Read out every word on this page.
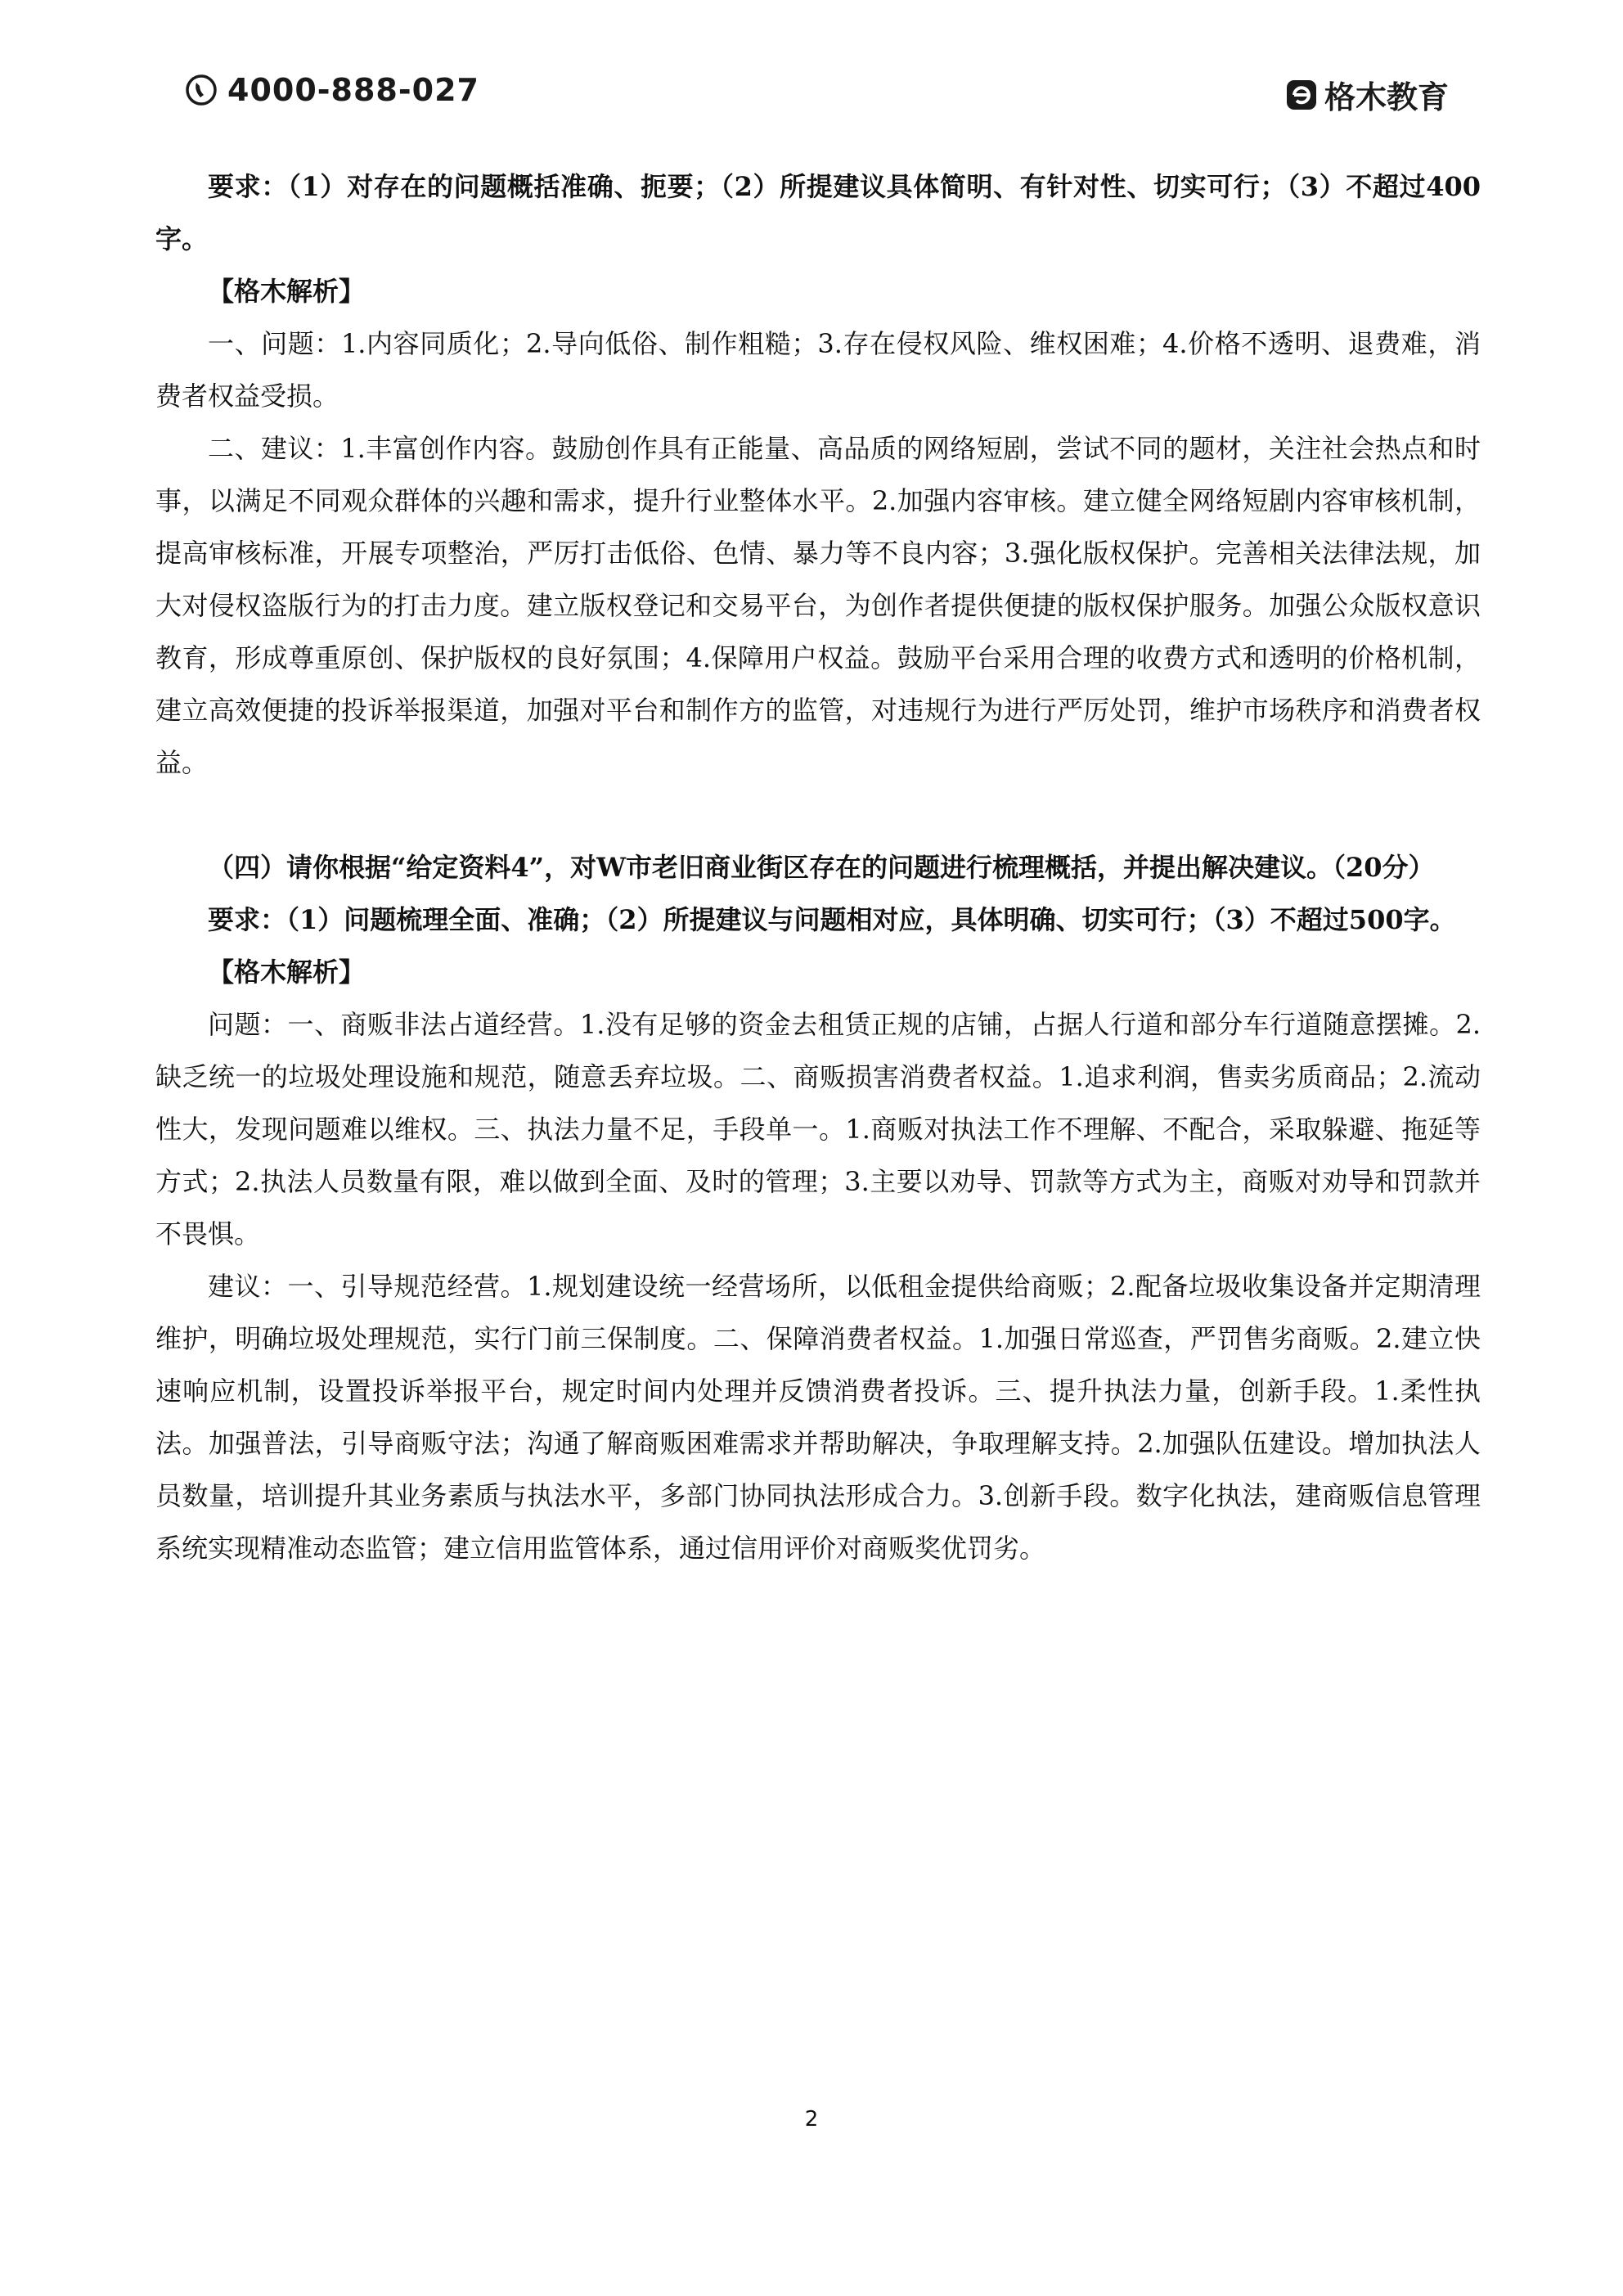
4000-888-027	格木教育

要求：（1）对存在的问题概括准确、扼要；（2）所提建议具体简明、有针对性、切实可行；（3）不超过400字。

【格木解析】

一、问题：1.内容同质化；2.导向低俗、制作粗糙；3.存在侵权风险、维权困难；4.价格不透明、退费难，消费者权益受损。

二、建议：1.丰富创作内容。鼓励创作具有正能量、高品质的网络短剧，尝试不同的题材，关注社会热点和时事，以满足不同观众群体的兴趣和需求，提升行业整体水平。2.加强内容审核。建立健全网络短剧内容审核机制，提高审核标准，开展专项整治，严厉打击低俗、色情、暴力等不良内容；3.强化版权保护。完善相关法律法规，加大对侵权盗版行为的打击力度。建立版权登记和交易平台，为创作者提供便捷的版权保护服务。加强公众版权意识教育，形成尊重原创、保护版权的良好氛围；4.保障用户权益。鼓励平台采用合理的收费方式和透明的价格机制，建立高效便捷的投诉举报渠道，加强对平台和制作方的监管，对违规行为进行严厉处罚，维护市场秩序和消费者权益。

（四）请你根据“给定资料4”，对W市老旧商业街区存在的问题进行梳理概括，并提出解决建议。（20分）

要求：（1）问题梳理全面、准确；（2）所提建议与问题相对应，具体明确、切实可行；（3）不超过500字。

【格木解析】

问题：一、商贩非法占道经营。1.没有足够的资金去租赁正规的店铺，占据人行道和部分车行道随意摆摊。2.缺乏统一的垃圾处理设施和规范，随意丢弃垃圾。二、商贩损害消费者权益。1.追求利润，售卖劣质商品；2.流动性大，发现问题难以维权。三、执法力量不足，手段单一。1.商贩对执法工作不理解、不配合，采取躲避、拖延等方式；2.执法人员数量有限，难以做到全面、及时的管理；3.主要以劝导、罚款等方式为主，商贩对劝导和罚款并不畏惧。

建议：一、引导规范经营。1.规划建设统一经营场所，以低租金提供给商贩；2.配备垃圾收集设备并定期清理维护，明确垃圾处理规范，实行门前三保制度。二、保障消费者权益。1.加强日常巡查，严罚售劣商贩。2.建立快速响应机制，设置投诉举报平台，规定时间内处理并反馈消费者投诉。三、提升执法力量，创新手段。1.柔性执法。加强普法，引导商贩守法；沟通了解商贩困难需求并帮助解决，争取理解支持。2.加强队伍建设。增加执法人员数量，培训提升其业务素质与执法水平，多部门协同执法形成合力。3.创新手段。数字化执法，建商贩信息管理系统实现精准动态监管；建立信用监管体系，通过信用评价对商贩奖优罚劣。

2
